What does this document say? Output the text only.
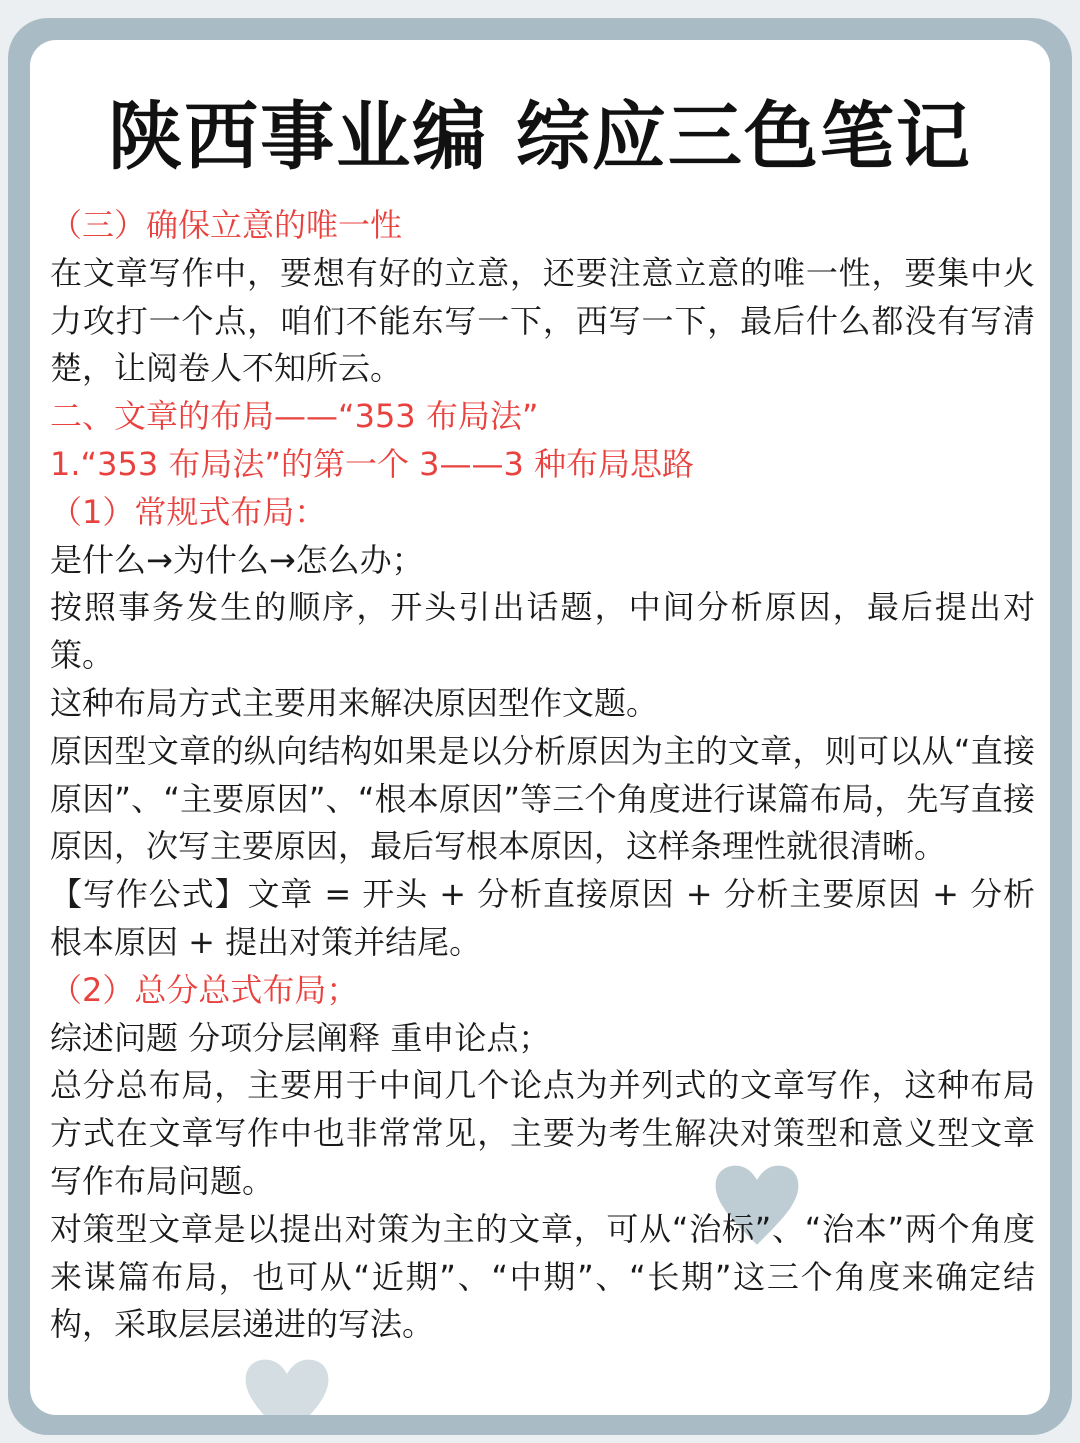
陕西事业编 综应三色笔记

（三）确保立意的唯一性

在文章写作中，要想有好的立意，还要注意立意的唯一性，要集中火力攻打一个点，咱们不能东写一下，西写一下，最后什么都没有写清楚，让阅卷人不知所云。

二、文章的布局——“353 布局法”

1.“353 布局法”的第一个 3——3 种布局思路

（1）常规式布局：

是什么→为什么→怎么办；

按照事务发生的顺序，开头引出话题，中间分析原因，最后提出对策。

这种布局方式主要用来解决原因型作文题。

原因型文章的纵向结构如果是以分析原因为主的文章，则可以从“直接原因”、“主要原因”、“根本原因”等三个角度进行谋篇布局，先写直接原因，次写主要原因，最后写根本原因，这样条理性就很清晰。

【写作公式】文章 = 开头 + 分析直接原因 + 分析主要原因 + 分析根本原因 + 提出对策并结尾。

（2）总分总式布局；

综述问题 分项分层阐释 重申论点；

总分总布局，主要用于中间几个论点为并列式的文章写作，这种布局方式在文章写作中也非常常见，主要为考生解决对策型和意义型文章写作布局问题。

对策型文章是以提出对策为主的文章，可从“治标”、“治本”两个角度来谋篇布局，也可从“近期”、“中期”、“长期”这三个角度来确定结构，采取层层递进的写法。
